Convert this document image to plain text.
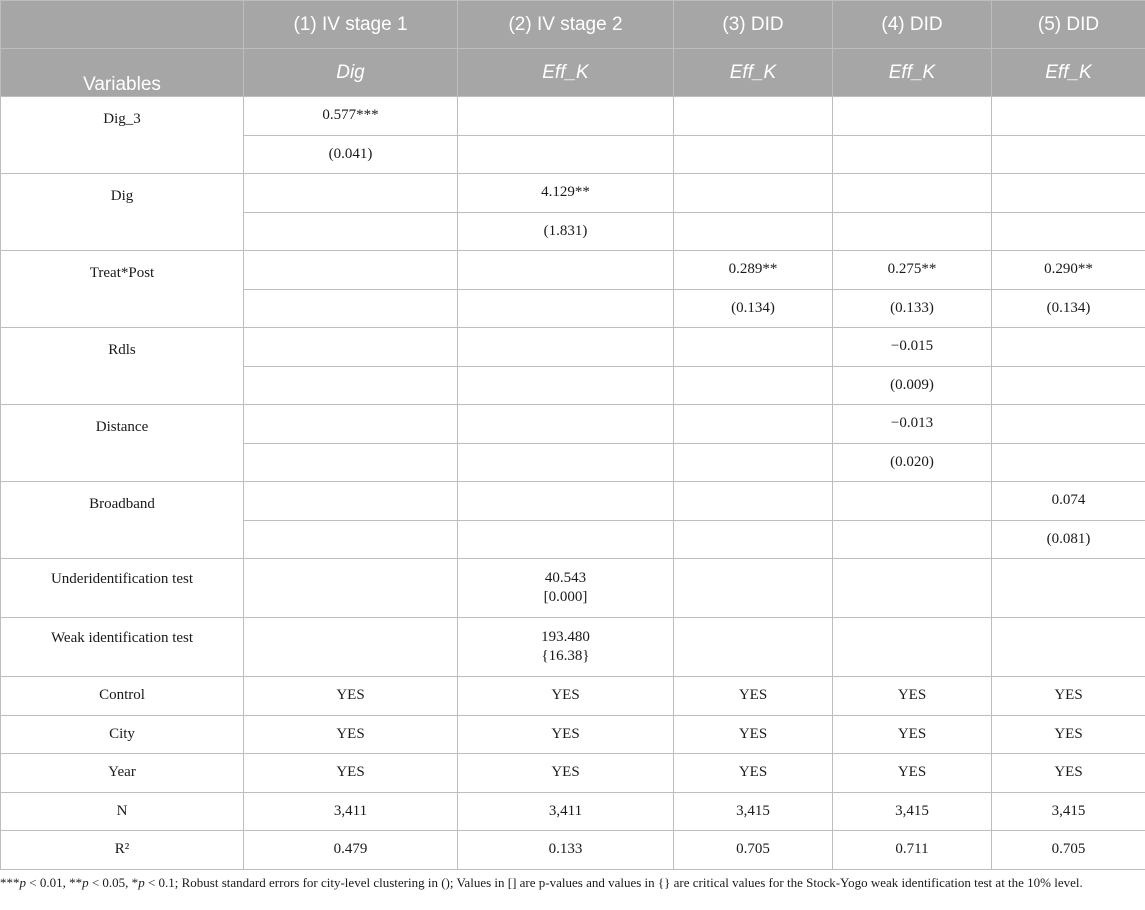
	(1) IV stage 1	(2) IV stage 2	(3) DID	(4) DID	(5) DID
Variables	Dig	Eff_K	Eff_K	Eff_K	Eff_K
Dig_3	0.577***				
	(0.041)				
Dig		4.129**			
		(1.831)			
Treat*Post			0.289**	0.275**	0.290**
			(0.134)	(0.133)	(0.134)
Rdls				−0.015	
				(0.009)	
Distance				−0.013	
				(0.020)	
Broadband					0.074
					(0.081)
Underidentification test		40.543
[0.000]			

Weak identification test		193.480
{16.38}			

Control	YES	YES	YES	YES	YES
City	YES	YES	YES	YES	YES
Year	YES	YES	YES	YES	YES
N	3,411	3,411	3,415	3,415	3,415
R²	0.479	0.133	0.705	0.711	0.705
***p < 0.01, **p < 0.05, *p < 0.1; Robust standard errors for city-level clustering in (); Values in [] are p-values and values in {} are critical values for the Stock-Yogo weak identification test at the 10% level.
